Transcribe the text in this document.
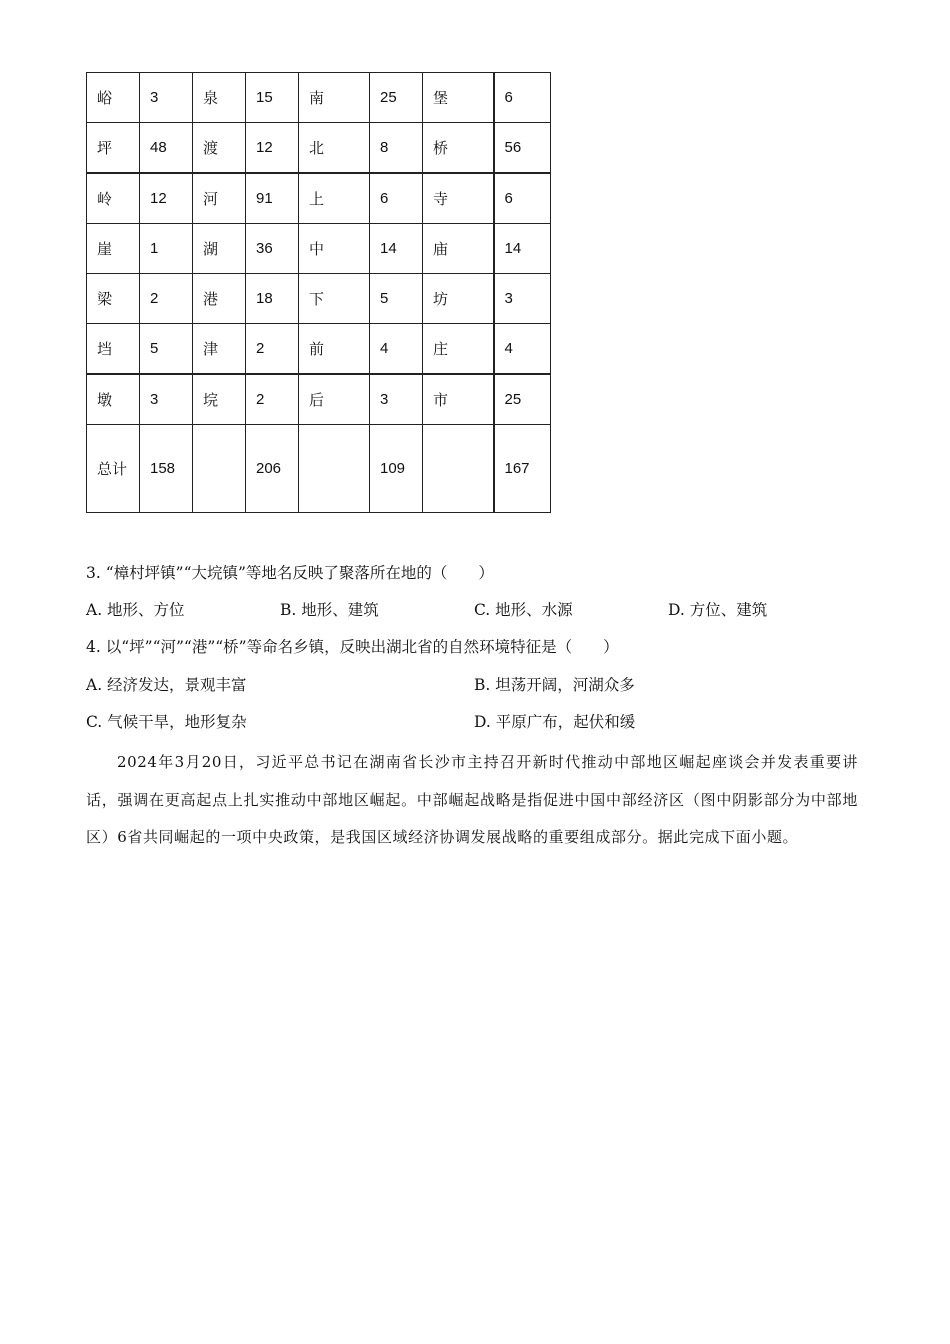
峪	3	泉	15	南	25	堡	6
坪	48	渡	12	北	8	桥	56
岭	12	河	91	上	6	寺	6
崖	1	湖	36	中	14	庙	14
梁	2	港	18	下	5	坊	3
垱	5	津	2	前	4	庄	4
墩	3	垸	2	后	3	市	25
总计	158		206		109		167
3. “樟村坪镇”“大垸镇”等地名反映了聚落所在地的（　　）
A. 地形、方位	B. 地形、建筑	C. 地形、水源	D. 方位、建筑
4. 以“坪”“河”“港”“桥”等命名乡镇，反映出湖北省的自然环境特征是（　　）
A. 经济发达，景观丰富	B. 坦荡开阔，河湖众多
C. 气候干旱，地形复杂	D. 平原广布，起伏和缓
2024年3月20日，习近平总书记在湖南省长沙市主持召开新时代推动中部地区崛起座谈会并发表重要讲话，强调在更高起点上扎实推动中部地区崛起。中部崛起战略是指促进中国中部经济区（图中阴影部分为中部地区）6省共同崛起的一项中央政策，是我国区域经济协调发展战略的重要组成部分。据此完成下面小题。
